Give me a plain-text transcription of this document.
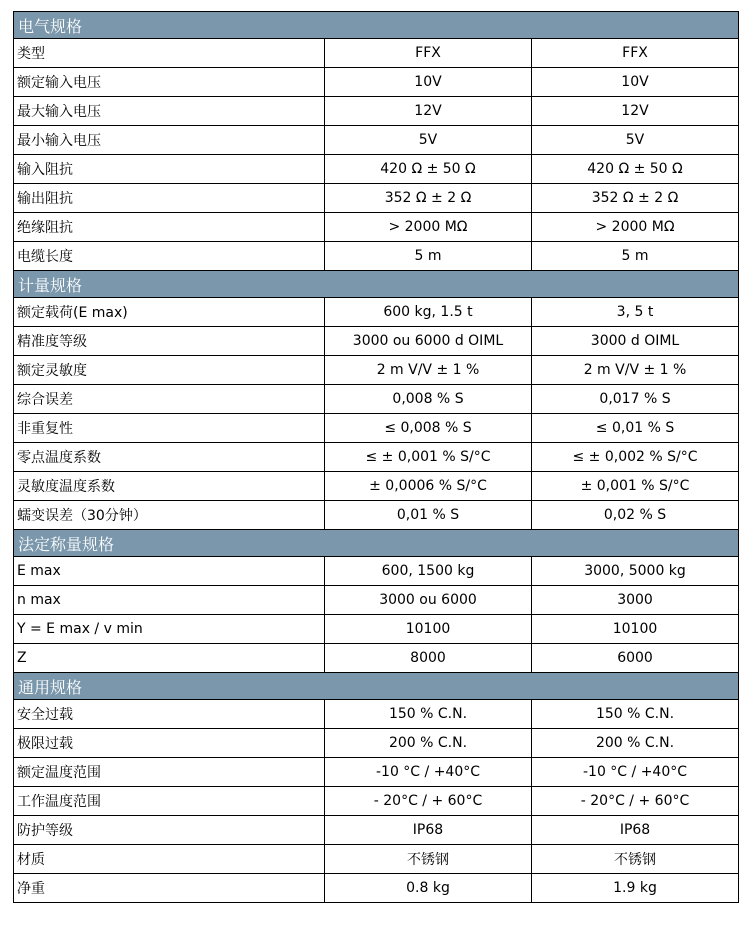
电气规格		
类型	FFX	FFX
额定输入电压	10V	10V
最大输入电压	12V	12V
最小输入电压	5V	5V
输入阻抗	420 Ω ± 50 Ω	420 Ω ± 50 Ω
输出阻抗	352 Ω ± 2 Ω	352 Ω ± 2 Ω
绝缘阻抗	> 2000 MΩ	> 2000 MΩ
电缆长度	5 m	5 m
计量规格		
额定载荷(E max)	600 kg, 1.5 t	3, 5 t
精准度等级	3000 ou 6000 d OIML	3000 d OIML
额定灵敏度	2 m V/V ± 1 %	2 m V/V ± 1 %
综合误差	0,008 % S	0,017 % S
非重复性	≤ 0,008 % S	≤ 0,01 % S
零点温度系数	≤ ± 0,001 % S/°C	≤ ± 0,002 % S/°C
灵敏度温度系数	± 0,0006 % S/°C	± 0,001 % S/°C
蠕变误差（30分钟）	0,01 % S	0,02 % S
法定称量规格		
E max	600, 1500 kg	3000, 5000 kg
n max	3000 ou 6000	3000
Y = E max / v min	10100	10100
Z	8000	6000
通用规格		
安全过载	150 % C.N.	150 % C.N.
极限过载	200 % C.N.	200 % C.N.
额定温度范围	-10 °C / +40°C	-10 °C / +40°C
工作温度范围	- 20°C / + 60°C	- 20°C / + 60°C
防护等级	IP68	IP68
材质	不锈钢	不锈钢
净重	0.8 kg	1.9 kg
